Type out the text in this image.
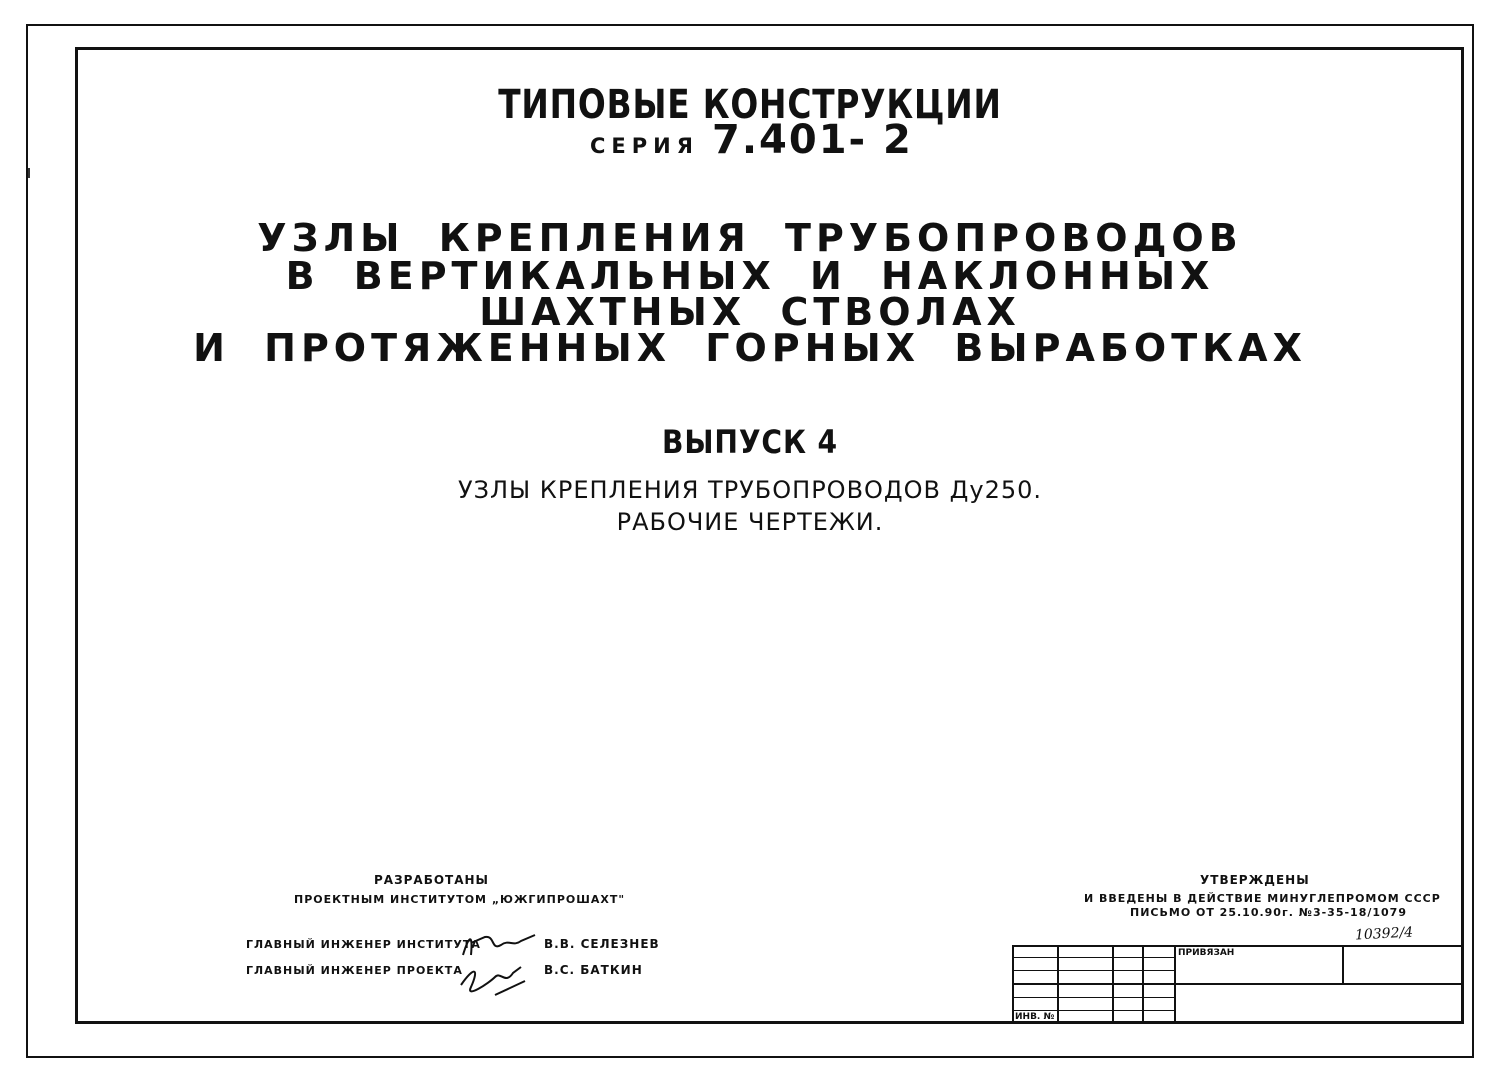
ТИПОВЫЕ КОНСТРУКЦИИ
СЕРИЯ 7.401- 2
УЗЛЫ КРЕПЛЕНИЯ ТРУБОПРОВОДОВ
В ВЕРТИКАЛЬНЫХ И НАКЛОННЫХ
ШАХТНЫХ СТВОЛАХ
И ПРОТЯЖЕННЫХ ГОРНЫХ ВЫРАБОТКАХ
ВЫПУСК 4
УЗЛЫ КРЕПЛЕНИЯ ТРУБОПРОВОДОВ Ду250.
РАБОЧИЕ ЧЕРТЕЖИ.
РАЗРАБОТАНЫ
ПРОЕКТНЫМ ИНСТИТУТОМ „ЮЖГИПРОШАХТ"
ГЛАВНЫЙ ИНЖЕНЕР ИНСТИТУТА	В.В. СЕЛЕЗНЕВ
ГЛАВНЫЙ ИНЖЕНЕР ПРОЕКТА	В.С. БАТКИН
УТВЕРЖДЕНЫ
И ВВЕДЕНЫ В ДЕЙСТВИЕ МИНУГЛЕПРОМОМ СССР
ПИСЬМО ОТ 25.10.90г. №3-35-18/1079
10392/4
ПРИВЯЗАН
ИНВ. №
